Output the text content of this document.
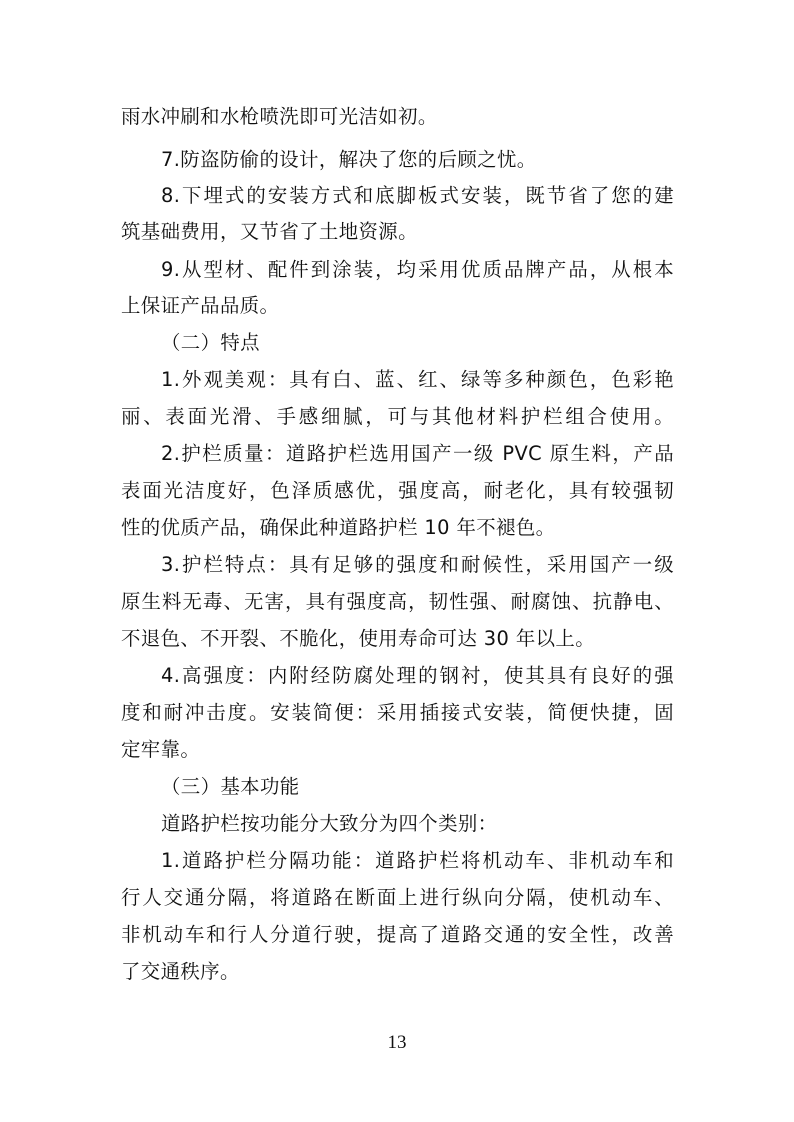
雨水冲刷和水枪喷洗即可光洁如初。
7.防盗防偷的设计，解决了您的后顾之忧。
8.下埋式的安装方式和底脚板式安装，既节省了您的建
筑基础费用，又节省了土地资源。
9.从型材、配件到涂装，均采用优质品牌产品，从根本
上保证产品品质。
（二）特点
1.外观美观：具有白、蓝、红、绿等多种颜色，色彩艳
丽、表面光滑、手感细腻，可与其他材料护栏组合使用。
2.护栏质量：道路护栏选用国产一级 PVC 原生料，产品
表面光洁度好，色泽质感优，强度高，耐老化，具有较强韧
性的优质产品，确保此种道路护栏 10 年不褪色。
3.护栏特点：具有足够的强度和耐候性，采用国产一级
原生料无毒、无害，具有强度高，韧性强、耐腐蚀、抗静电、
不退色、不开裂、不脆化，使用寿命可达 30 年以上。
4.高强度：内附经防腐处理的钢衬，使其具有良好的强
度和耐冲击度。安装简便：采用插接式安装，简便快捷，固
定牢靠。
（三）基本功能
道路护栏按功能分大致分为四个类别：
1.道路护栏分隔功能：道路护栏将机动车、非机动车和
行人交通分隔，将道路在断面上进行纵向分隔，使机动车、
非机动车和行人分道行驶，提高了道路交通的安全性，改善
了交通秩序。
13
